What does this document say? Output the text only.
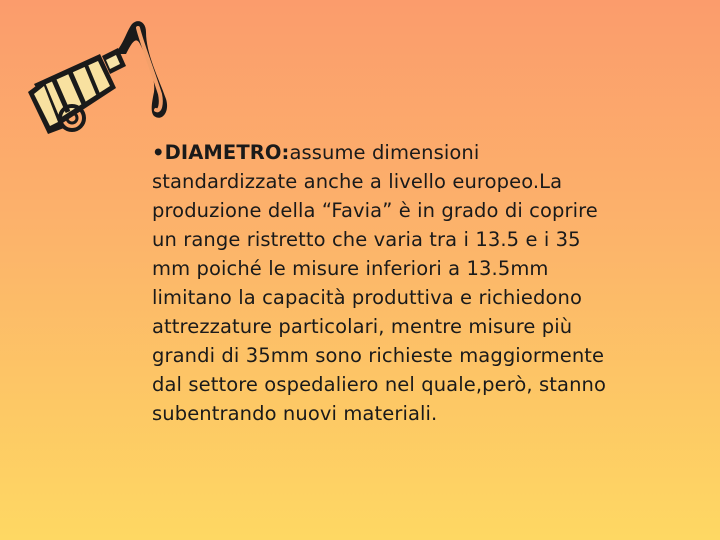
•DIAMETRO:assume dimensioni standardizzate anche a livello europeo.La produzione della “Favia” è in grado di coprire un range ristretto che varia tra i 13.5 e i 35 mm poiché le misure inferiori a 13.5mm limitano la capacità produttiva e richiedono attrezzature particolari, mentre misure più grandi di 35mm sono richieste maggiormente dal settore ospedaliero nel quale,però, stanno subentrando nuovi materiali.
